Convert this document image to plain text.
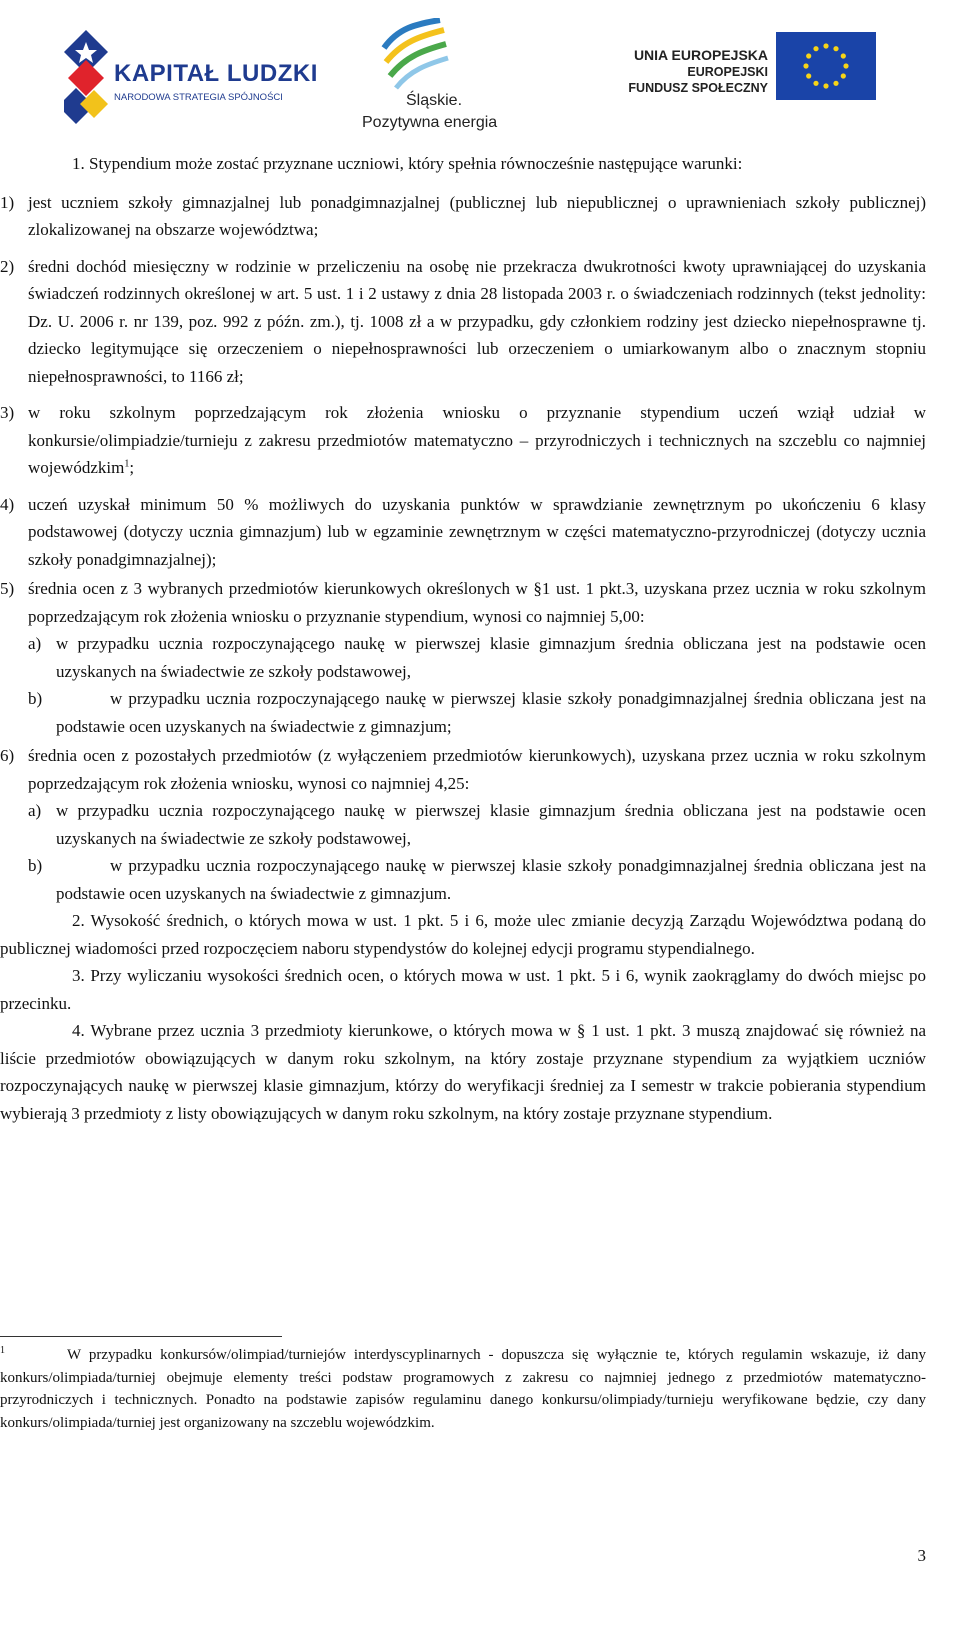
KAPITAŁ LUDZKI
NARODOWA STRATEGIA SPÓJNOŚCI	Śląskie.
Pozytywna energia
UNIA EUROPEJSKA
EUROPEJSKI
FUNDUSZ SPOŁECZNY

1. Stypendium może zostać przyznane uczniowi, który spełnia równocześnie następujące warunki:

1) jest uczniem szkoły gimnazjalnej lub ponadgimnazjalnej (publicznej lub niepublicznej o uprawnieniach szkoły publicznej) zlokalizowanej na obszarze województwa;
2) średni dochód miesięczny w rodzinie w przeliczeniu na osobę nie przekracza dwukrotności kwoty uprawniającej do uzyskania świadczeń rodzinnych określonej w art. 5 ust. 1 i 2 ustawy z dnia 28 listopada 2003 r. o świadczeniach rodzinnych (tekst jednolity: Dz. U. 2006 r. nr 139, poz. 992 z późn. zm.), tj. 1008 zł a w przypadku, gdy członkiem rodziny jest dziecko niepełnosprawne tj. dziecko legitymujące się orzeczeniem o niepełnosprawności lub orzeczeniem o umiarkowanym albo o znacznym stopniu niepełnosprawności, to 1166 zł;
3) w roku szkolnym poprzedzającym rok złożenia wniosku o przyznanie stypendium uczeń wziął udział w konkursie/olimpiadzie/turnieju z zakresu przedmiotów matematyczno – przyrodniczych i technicznych na szczeblu co najmniej wojewódzkim$^1$;
4) uczeń uzyskał minimum 50 % możliwych do uzyskania punktów w sprawdzianie zewnętrznym po ukończeniu 6 klasy podstawowej (dotyczy ucznia gimnazjum) lub w egzaminie zewnętrznym w części matematyczno-przyrodniczej (dotyczy ucznia szkoły ponadgimnazjalnej);
5) średnia ocen z 3 wybranych przedmiotów kierunkowych określonych w §1 ust. 1 pkt.3, uzyskana przez ucznia w roku szkolnym poprzedzającym rok złożenia wniosku o przyznanie stypendium, wynosi co najmniej 5,00:
a) w przypadku ucznia rozpoczynającego naukę w pierwszej klasie gimnazjum średnia obliczana jest na podstawie ocen uzyskanych na świadectwie ze szkoły podstawowej,
b)	w przypadku ucznia rozpoczynającego naukę w pierwszej klasie szkoły ponadgimnazjalnej średnia obliczana jest na podstawie ocen uzyskanych na świadectwie z gimnazjum;
6) średnia ocen z pozostałych przedmiotów (z wyłączeniem przedmiotów kierunkowych), uzyskana przez ucznia w roku szkolnym poprzedzającym rok złożenia wniosku, wynosi co najmniej 4,25:
a) w przypadku ucznia rozpoczynającego naukę w pierwszej klasie gimnazjum średnia obliczana jest na podstawie ocen uzyskanych na świadectwie ze szkoły podstawowej,
b)	w przypadku ucznia rozpoczynającego naukę w pierwszej klasie szkoły ponadgimnazjalnej średnia obliczana jest na podstawie ocen uzyskanych na świadectwie z gimnazjum.

2. Wysokość średnich, o których mowa w ust. 1 pkt. 5 i 6, może ulec zmianie decyzją Zarządu Województwa podaną do publicznej wiadomości przed rozpoczęciem naboru stypendystów do kolejnej edycji programu stypendialnego.

3. Przy wyliczaniu wysokości średnich ocen, o których mowa w ust. 1 pkt. 5 i 6, wynik zaokrąglamy do dwóch miejsc po przecinku.

4. Wybrane przez ucznia 3 przedmioty kierunkowe, o których mowa w § 1 ust. 1 pkt. 3 muszą znajdować się również na liście przedmiotów obowiązujących w danym roku szkolnym, na który zostaje przyznane stypendium za wyjątkiem uczniów rozpoczynających naukę w pierwszej klasie gimnazjum, którzy do weryfikacji średniej za I semestr w trakcie pobierania stypendium wybierają 3 przedmioty z listy obowiązujących w danym roku szkolnym, na który zostaje przyznane stypendium.

$^1$	W przypadku konkursów/olimpiad/turniejów interdyscyplinarnych - dopuszcza się wyłącznie te, których regulamin wskazuje, iż dany konkurs/olimpiada/turniej obejmuje elementy treści podstaw programowych z zakresu co najmniej jednego z przedmiotów matematyczno-przyrodniczych i technicznych. Ponadto na podstawie zapisów regulaminu danego konkursu/olimpiady/turnieju weryfikowane będzie, czy dany konkurs/olimpiada/turniej jest organizowany na szczeblu wojewódzkim.

3
